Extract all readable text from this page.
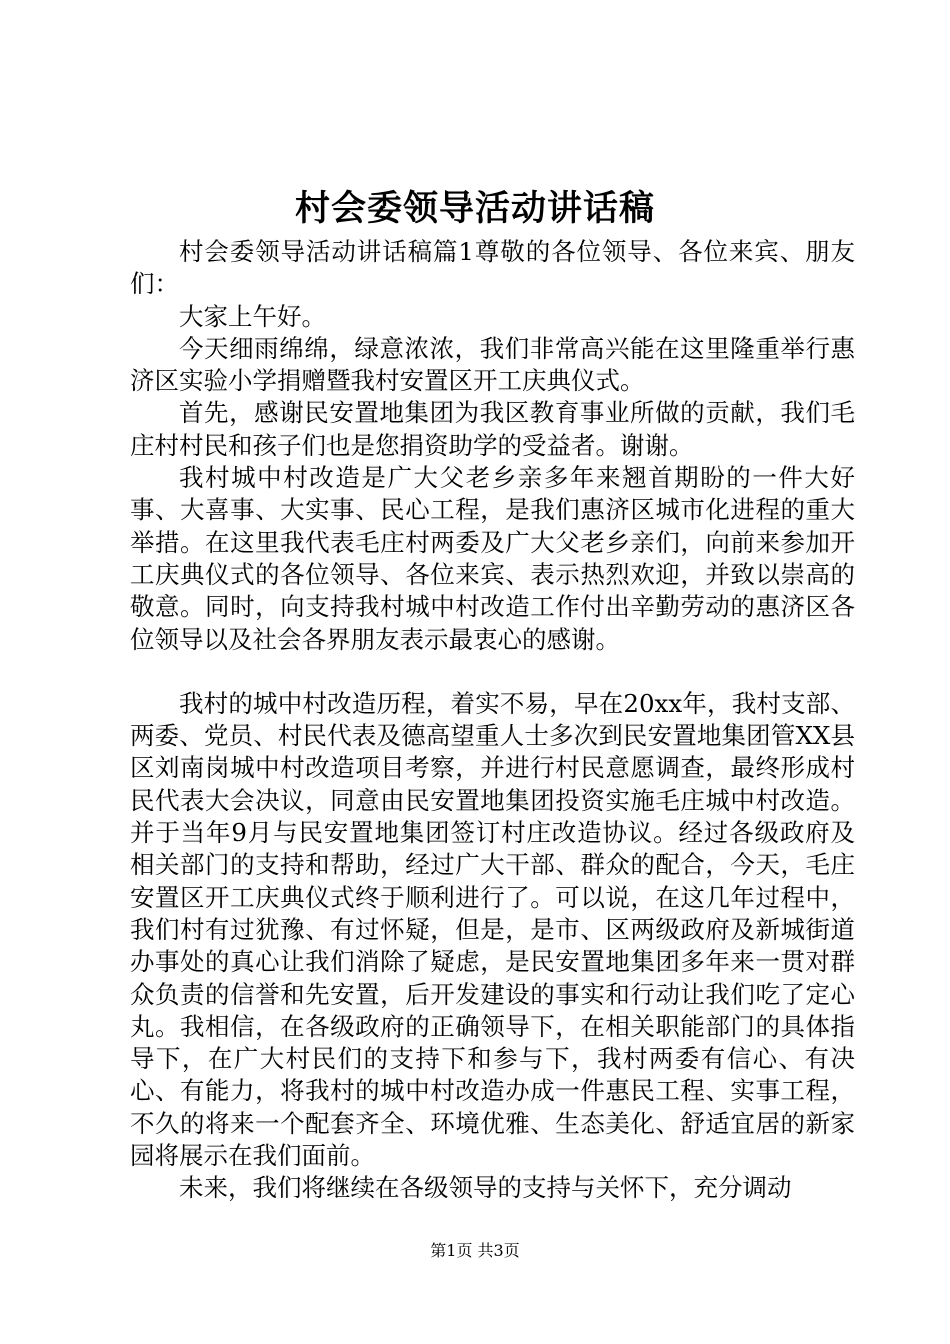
村会委领导活动讲话稿

村会委领导活动讲话稿篇1尊敬的各位领导、各位来宾、朋友们：

大家上午好。

今天细雨绵绵，绿意浓浓，我们非常高兴能在这里隆重举行惠济区实验小学捐赠暨我村安置区开工庆典仪式。

首先，感谢民安置地集团为我区教育事业所做的贡献，我们毛庄村村民和孩子们也是您捐资助学的受益者。谢谢。

我村城中村改造是广大父老乡亲多年来翘首期盼的一件大好事、大喜事、大实事、民心工程，是我们惠济区城市化进程的重大举措。在这里我代表毛庄村两委及广大父老乡亲们，向前来参加开工庆典仪式的各位领导、各位来宾、表示热烈欢迎，并致以崇高的敬意。同时，向支持我村城中村改造工作付出辛勤劳动的惠济区各位领导以及社会各界朋友表示最衷心的感谢。

我村的城中村改造历程，着实不易，早在20xx年，我村支部、两委、党员、村民代表及德高望重人士多次到民安置地集团管XX县区刘南岗城中村改造项目考察，并进行村民意愿调查，最终形成村民代表大会决议，同意由民安置地集团投资实施毛庄城中村改造。并于当年9月与民安置地集团签订村庄改造协议。经过各级政府及相关部门的支持和帮助，经过广大干部、群众的配合，今天，毛庄安置区开工庆典仪式终于顺利进行了。可以说，在这几年过程中，我们村有过犹豫、有过怀疑，但是，是市、区两级政府及新城街道办事处的真心让我们消除了疑虑，是民安置地集团多年来一贯对群众负责的信誉和先安置，后开发建设的事实和行动让我们吃了定心丸。我相信，在各级政府的正确领导下，在相关职能部门的具体指导下，在广大村民们的支持下和参与下，我村两委有信心、有决心、有能力，将我村的城中村改造办成一件惠民工程、实事工程，不久的将来一个配套齐全、环境优雅、生态美化、舒适宜居的新家园将展示在我们面前。

未来，我们将继续在各级领导的支持与关怀下，充分调动

第1页 共3页
